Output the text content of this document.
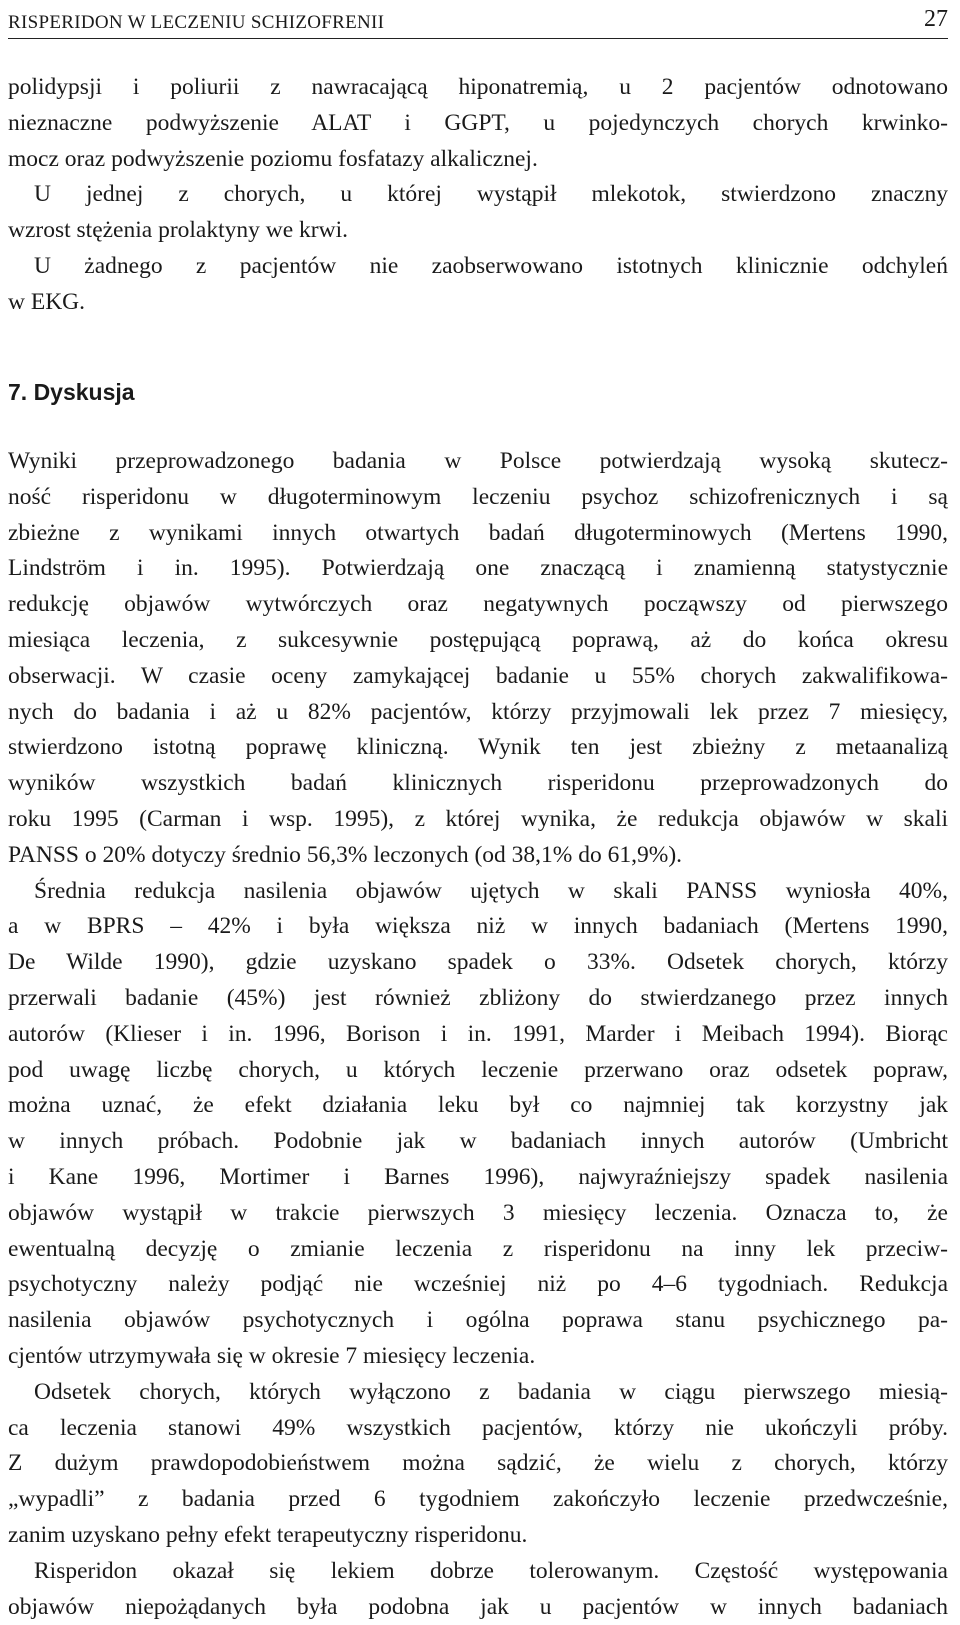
RISPERIDON W LECZENIU SCHIZOFRENII	27
polidypsji i poliurii z nawracającą hiponatremią, u 2 pacjentów odnotowano
nieznaczne podwyższenie ALAT i GGPT, u pojedynczych chorych krwinko-
mocz oraz podwyższenie poziomu fosfatazy alkalicznej.
U jednej z chorych, u której wystąpił mlekotok, stwierdzono znaczny
wzrost stężenia prolaktyny we krwi.
U żadnego z pacjentów nie zaobserwowano istotnych klinicznie odchyleń
w EKG.
7. Dyskusja
Wyniki przeprowadzonego badania w Polsce potwierdzają wysoką skutecz-
ność risperidonu w długoterminowym leczeniu psychoz schizofrenicznych i są
zbieżne z wynikami innych otwartych badań długoterminowych (Mertens 1990,
Lindström i in. 1995). Potwierdzają one znaczącą i znamienną statystycznie
redukcję objawów wytwórczych oraz negatywnych począwszy od pierwszego
miesiąca leczenia, z sukcesywnie postępującą poprawą, aż do końca okresu
obserwacji. W czasie oceny zamykającej badanie u 55% chorych zakwalifikowa-
nych do badania i aż u 82% pacjentów, którzy przyjmowali lek przez 7 miesięcy,
stwierdzono istotną poprawę kliniczną. Wynik ten jest zbieżny z metaanalizą
wyników wszystkich badań klinicznych risperidonu przeprowadzonych do
roku 1995 (Carman i wsp. 1995), z której wynika, że redukcja objawów w skali
PANSS o 20% dotyczy średnio 56,3% leczonych (od 38,1% do 61,9%).
Średnia redukcja nasilenia objawów ujętych w skali PANSS wyniosła 40%,
a w BPRS – 42% i była większa niż w innych badaniach (Mertens 1990,
De Wilde 1990), gdzie uzyskano spadek o 33%. Odsetek chorych, którzy
przerwali badanie (45%) jest również zbliżony do stwierdzanego przez innych
autorów (Klieser i in. 1996, Borison i in. 1991, Marder i Meibach 1994). Biorąc
pod uwagę liczbę chorych, u których leczenie przerwano oraz odsetek popraw,
można uznać, że efekt działania leku był co najmniej tak korzystny jak
w innych próbach. Podobnie jak w badaniach innych autorów (Umbricht
i Kane 1996, Mortimer i Barnes 1996), najwyraźniejszy spadek nasilenia
objawów wystąpił w trakcie pierwszych 3 miesięcy leczenia. Oznacza to, że
ewentualną decyzję o zmianie leczenia z risperidonu na inny lek przeciw-
psychotyczny należy podjąć nie wcześniej niż po 4–6 tygodniach. Redukcja
nasilenia objawów psychotycznych i ogólna poprawa stanu psychicznego pa-
cjentów utrzymywała się w okresie 7 miesięcy leczenia.
Odsetek chorych, których wyłączono z badania w ciągu pierwszego miesią-
ca leczenia stanowi 49% wszystkich pacjentów, którzy nie ukończyli próby.
Z dużym prawdopodobieństwem można sądzić, że wielu z chorych, którzy
„wypadli” z badania przed 6 tygodniem zakończyło leczenie przedwcześnie,
zanim uzyskano pełny efekt terapeutyczny risperidonu.
Risperidon okazał się lekiem dobrze tolerowanym. Częstość występowania
objawów niepożądanych była podobna jak u pacjentów w innych badaniach
